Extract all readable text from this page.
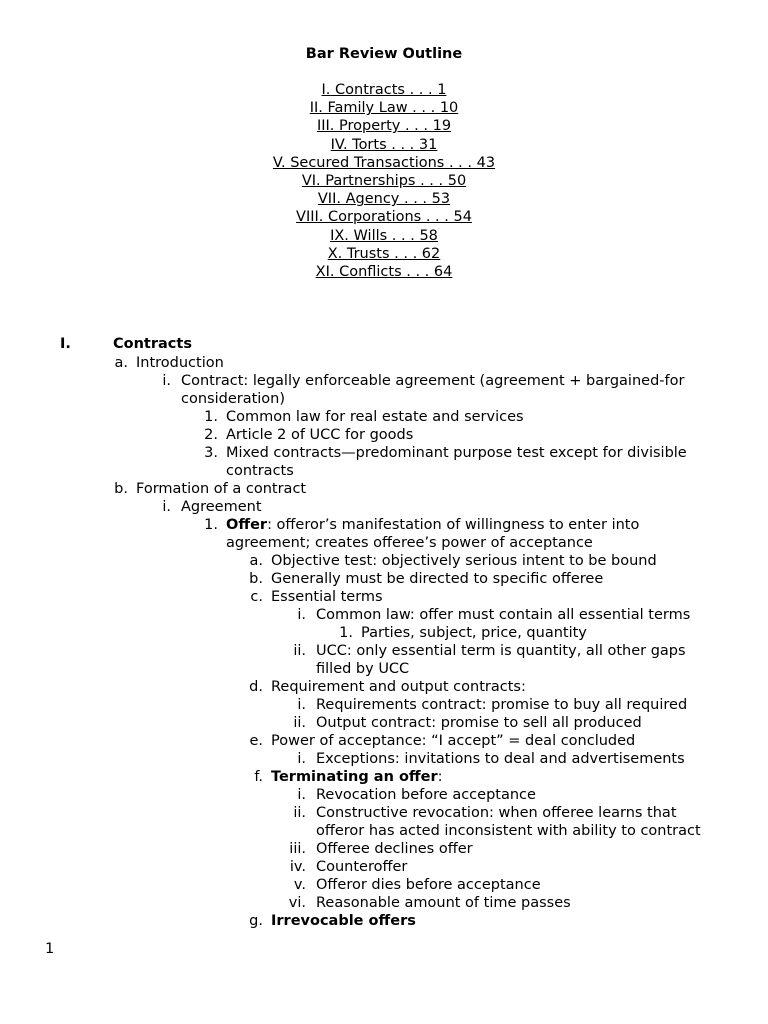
Bar Review Outline
I. Contracts . . . 1
II. Family Law . . . 10
III. Property . . . 19
IV. Torts . . . 31
V. Secured Transactions . . . 43
VI. Partnerships . . . 50
VII. Agency . . . 53
VIII. Corporations . . . 54
IX. Wills . . . 58
X. Trusts . . . 62
XI. Conflicts . . . 64
I.	Contracts
a. Introduction
i. Contract: legally enforceable agreement (agreement + bargained-for
consideration)
1. Common law for real estate and services
2. Article 2 of UCC for goods
3. Mixed contracts—predominant purpose test except for divisible
contracts
b. Formation of a contract
i. Agreement
1. Offer: offeror’s manifestation of willingness to enter into
agreement; creates offeree’s power of acceptance
a. Objective test: objectively serious intent to be bound
b. Generally must be directed to specific offeree
c. Essential terms
i. Common law: offer must contain all essential terms
1. Parties, subject, price, quantity
ii. UCC: only essential term is quantity, all other gaps
filled by UCC
d. Requirement and output contracts:
i. Requirements contract: promise to buy all required
ii. Output contract: promise to sell all produced
e. Power of acceptance: “I accept” = deal concluded
i. Exceptions: invitations to deal and advertisements
f. Terminating an offer:
i. Revocation before acceptance
ii. Constructive revocation: when offeree learns that
offeror has acted inconsistent with ability to contract
iii. Offeree declines offer
iv. Counteroffer
v. Offeror dies before acceptance
vi. Reasonable amount of time passes
g. Irrevocable offers
1
